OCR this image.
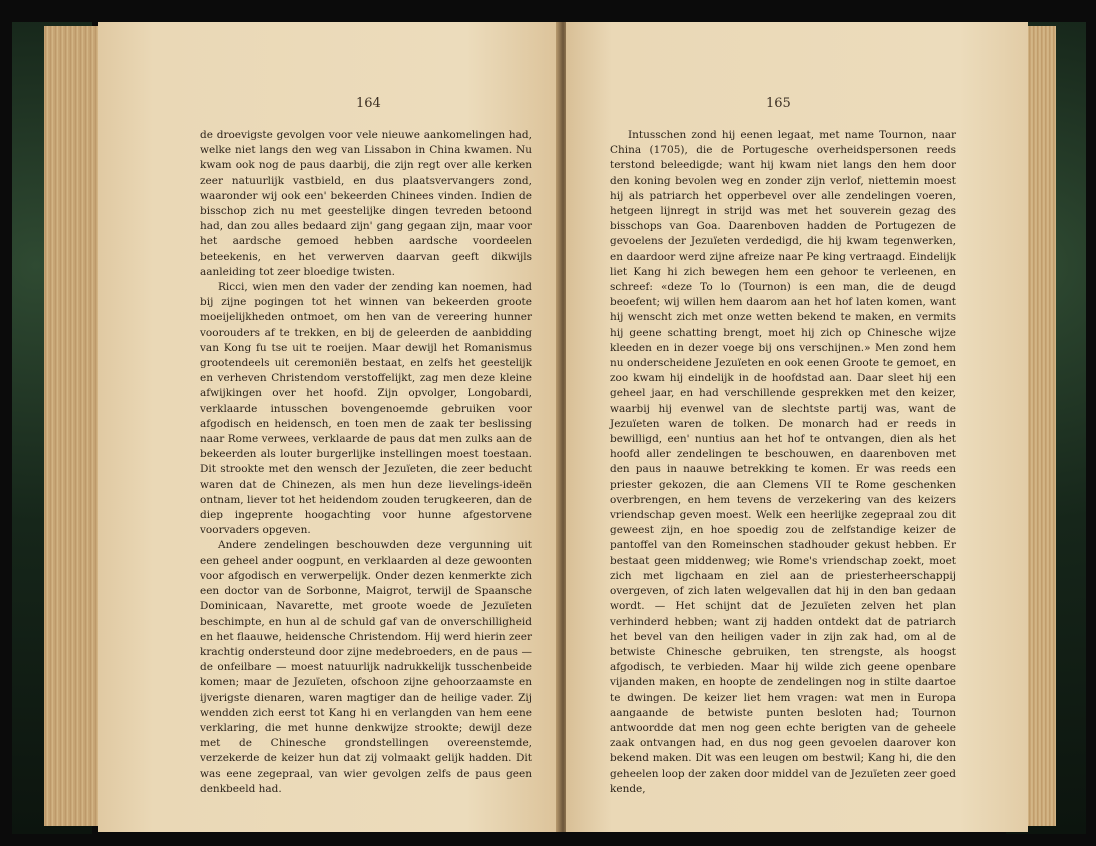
164

de droevigste gevolgen voor vele nieuwe aankomelingen had, welke niet langs den weg van Lissabon in China kwamen. Nu kwam ook nog de paus daarbij, die zijn regt over alle kerken zeer natuurlijk vastbield, en dus plaatsvervangers zond, waaronder wij ook een' bekeerden Chinees vinden. Indien de bisschop zich nu met geestelijke dingen tevreden betoond had, dan zou alles bedaard zijn' gang gegaan zijn, maar voor het aardsche gemoed hebben aardsche voordeelen beteekenis, en het verwerven daarvan geeft dikwijls aanleiding tot zeer bloedige twisten.

Ricci, wien men den vader der zending kan noemen, had bij zijne pogingen tot het winnen van bekeerden groote moeijelijkheden ontmoet, om hen van de vereering hunner voorouders af te trekken, en bij de geleerden de aanbidding van Kong fu tse uit te roeijen. Maar dewijl het Romanismus grootendeels uit ceremoniën bestaat, en zelfs het geestelijk en verheven Christendom verstoffelijkt, zag men deze kleine afwijkingen over het hoofd. Zijn opvolger, Longobardi, verklaarde intusschen bovengenoemde gebruiken voor afgodisch en heidensch, en toen men de zaak ter beslissing naar Rome verwees, verklaarde de paus dat men zulks aan de bekeerden als louter burgerlijke instellingen moest toestaan. Dit strookte met den wensch der Jezuïeten, die zeer beducht waren dat de Chinezen, als men hun deze lievelings-ideën ontnam, liever tot het heidendom zouden terugkeeren, dan de diep ingeprente hoogachting voor hunne afgestorvene voorvaders opgeven.

Andere zendelingen beschouwden deze vergunning uit een geheel ander oogpunt, en verklaarden al deze gewoonten voor afgodisch en verwerpelijk. Onder dezen kenmerkte zich een doctor van de Sorbonne, Maigrot, terwijl de Spaansche Dominicaan, Navarette, met groote woede de Jezuïeten beschimpte, en hun al de schuld gaf van de onverschilligheid en het flaauwe, heidensche Christendom. Hij werd hierin zeer krachtig ondersteund door zijne medebroeders, en de paus — de onfeilbare — moest natuurlijk nadrukkelijk tusschenbeide komen; maar de Jezuïeten, ofschoon zijne gehoorzaamste en ijverigste dienaren, waren magtiger dan de heilige vader. Zij wendden zich eerst tot Kang hi en verlangden van hem eene verklaring, die met hunne denkwijze strookte; dewijl deze met de Chinesche grondstellingen overeenstemde, verzekerde de keizer hun dat zij volmaakt gelijk hadden. Dit was eene zegepraal, van wier gevolgen zelfs de paus geen denkbeeld had.

165

Intusschen zond hij eenen legaat, met name Tournon, naar China (1705), die de Portugesche overheidspersonen reeds terstond beleedigde; want hij kwam niet langs den hem door den koning bevolen weg en zonder zijn verlof, niettemin moest hij als patriarch het opperbevel over alle zendelingen voeren, hetgeen lijnregt in strijd was met het souverein gezag des bisschops van Goa. Daarenboven hadden de Portugezen de gevoelens der Jezuïeten verdedigd, die hij kwam tegenwerken, en daardoor werd zijne afreize naar Pe king vertraagd. Eindelijk liet Kang hi zich bewegen hem een gehoor te verleenen, en schreef: «deze To lo (Tournon) is een man, die de deugd beoefent; wij willen hem daarom aan het hof laten komen, want hij wenscht zich met onze wetten bekend te maken, en vermits hij geene schatting brengt, moet hij zich op Chinesche wijze kleeden en in dezer voege bij ons verschijnen.» Men zond hem nu onderscheidene Jezuïeten en ook eenen Groote te gemoet, en zoo kwam hij eindelijk in de hoofdstad aan. Daar sleet hij een geheel jaar, en had verschillende gesprekken met den keizer, waarbij hij evenwel van de slechtste partij was, want de Jezuïeten waren de tolken. De monarch had er reeds in bewilligd, een' nuntius aan het hof te ontvangen, dien als het hoofd aller zendelingen te beschouwen, en daarenboven met den paus in naauwe betrekking te komen. Er was reeds een priester gekozen, die aan Clemens VII te Rome geschenken overbrengen, en hem tevens de verzekering van des keizers vriendschap geven moest. Welk een heerlijke zegepraal zou dit geweest zijn, en hoe spoedig zou de zelfstandige keizer de pantoffel van den Romeinschen stadhouder gekust hebben. Er bestaat geen middenweg; wie Rome's vriendschap zoekt, moet zich met ligchaam en ziel aan de priesterheerschappij overgeven, of zich laten welgevallen dat hij in den ban gedaan wordt. — Het schijnt dat de Jezuïeten zelven het plan verhinderd hebben; want zij hadden ontdekt dat de patriarch het bevel van den heiligen vader in zijn zak had, om al de betwiste Chinesche gebruiken, ten strengste, als hoogst afgodisch, te verbieden. Maar hij wilde zich geene openbare vijanden maken, en hoopte de zendelingen nog in stilte daartoe te dwingen. De keizer liet hem vragen: wat men in Europa aangaande de betwiste punten besloten had; Tournon antwoordde dat men nog geen echte berigten van de geheele zaak ontvangen had, en dus nog geen gevoelen daarover kon bekend maken. Dit was een leugen om bestwil; Kang hi, die den geheelen loop der zaken door middel van de Jezuïeten zeer goed kende,
